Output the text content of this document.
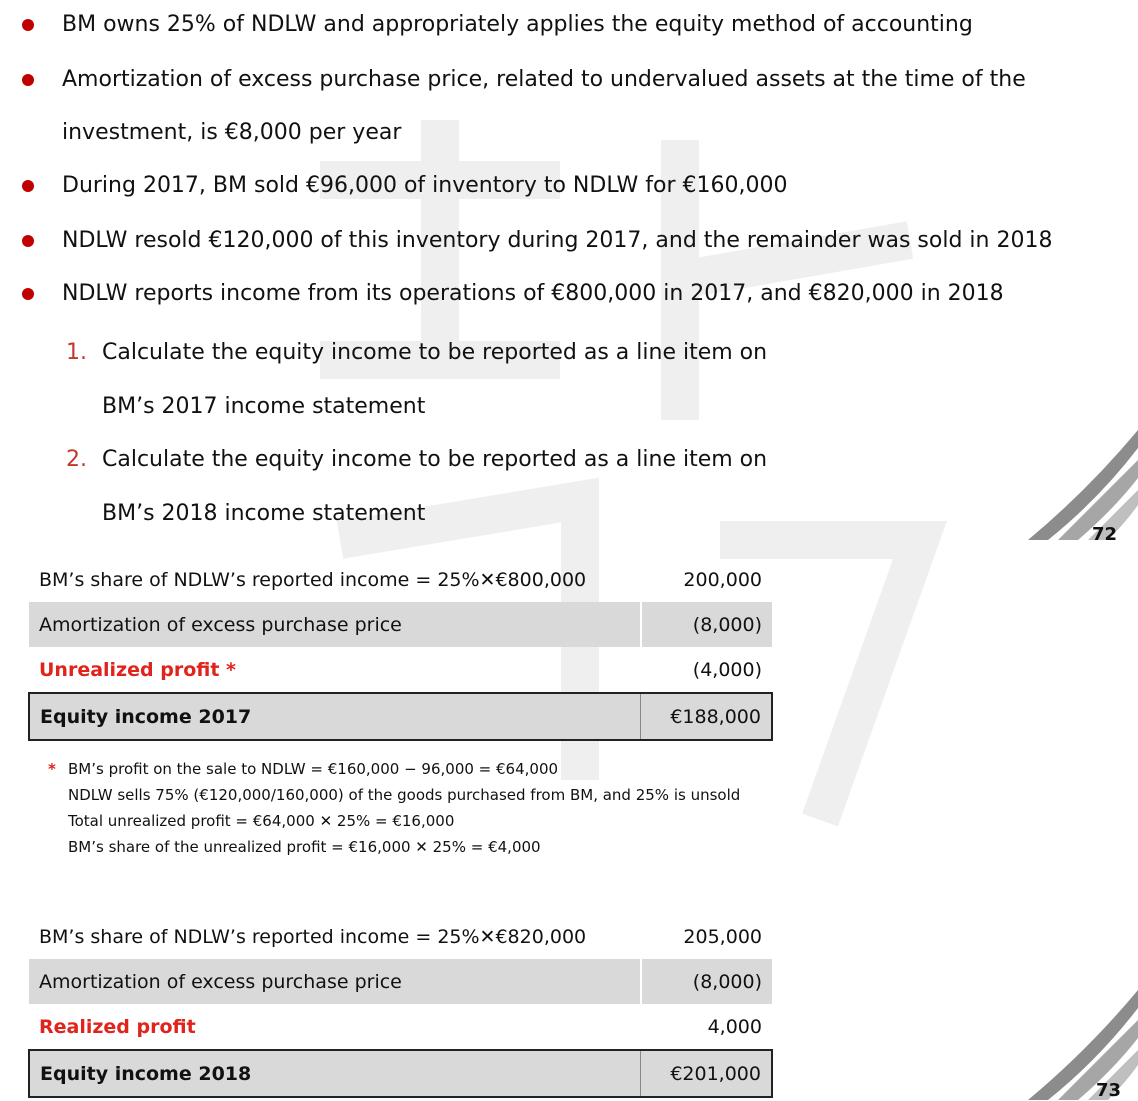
BM owns 25% of NDLW and appropriately applies the equity method of accounting
Amortization of excess purchase price, related to undervalued assets at the time of the
investment, is €8,000 per year
During 2017, BM sold €96,000 of inventory to NDLW for €160,000
NDLW resold €120,000 of this inventory during 2017, and the remainder was sold in 2018
NDLW reports income from its operations of €800,000 in 2017, and €820,000 in 2018
1. Calculate the equity income to be reported as a line item on
BM’s 2017 income statement
2. Calculate the equity income to be reported as a line item on
BM’s 2018 income statement
72
73
BM’s share of NDLW’s reported income = 25%✕€800,000	200,000
Amortization of excess purchase price	(8,000)
Unrealized profit *	(4,000)
Equity income 2017	€188,000
* BM’s profit on the sale to NDLW = €160,000 − 96,000 = €64,000
NDLW sells 75% (€120,000/160,000) of the goods purchased from BM, and 25% is unsold
Total unrealized profit = €64,000 ✕ 25% = €16,000
BM’s share of the unrealized profit = €16,000 ✕ 25% = €4,000
BM’s share of NDLW’s reported income = 25%✕€820,000	205,000
Amortization of excess purchase price	(8,000)
Realized profit	4,000
Equity income 2018	€201,000
